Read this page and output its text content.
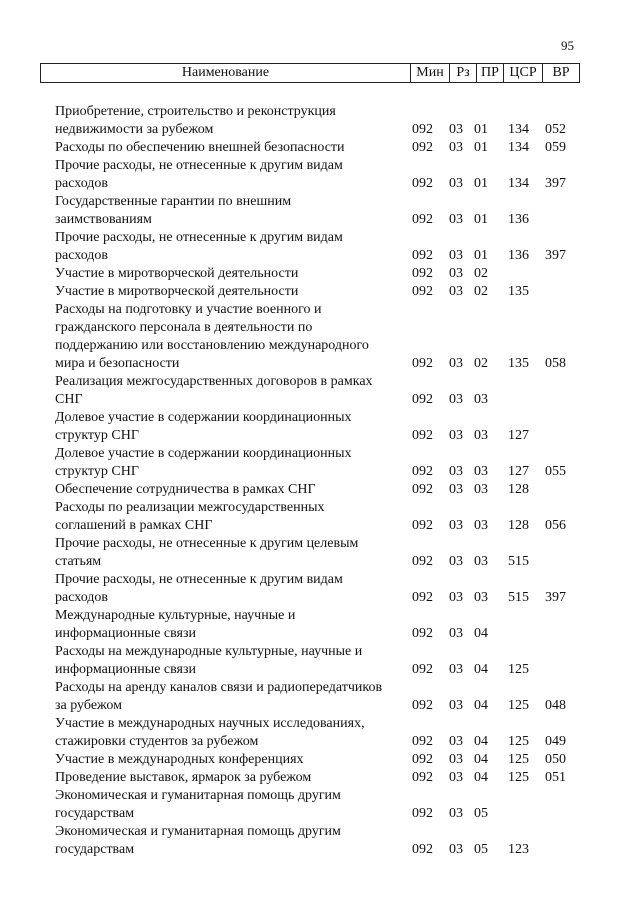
95
Наименование	Мин Рз ПР ЦСР	ВР
Приобретение, строительство и реконструкция
недвижимости за рубежом	092 03 01 134 052
Расходы по обеспечению внешней безопасности	092 03 01 134 059
Прочие расходы, не отнесенные к другим видам
расходов	092 03 01 134 397
Государственные гарантии по внешним
заимствованиям	092 03 01 136
Прочие расходы, не отнесенные к другим видам
расходов	092 03 01 136 397
Участие в миротворческой деятельности	092 03 02
Участие в миротворческой деятельности	092 03 02 135
Расходы на подготовку и участие военного и
гражданского персонала в деятельности по
поддержанию или восстановлению международного
мира и безопасности	092 03 02 135 058
Реализация межгосударственных договоров в рамках
СНГ	092 03 03
Долевое участие в содержании координационных
структур СНГ	092 03 03 127
Долевое участие в содержании координационных
структур СНГ	092 03 03 127 055
Обеспечение сотрудничества в рамках СНГ	092 03 03 128
Расходы по реализации межгосударственных
соглашений в рамках СНГ	092 03 03 128 056
Прочие расходы, не отнесенные к другим целевым
статьям	092 03 03 515
Прочие расходы, не отнесенные к другим видам
расходов	092 03 03 515 397
Международные культурные, научные и
информационные связи	092 03 04
Расходы на международные культурные, научные и
информационные связи	092 03 04 125
Расходы на аренду каналов связи и радиопередатчиков
за рубежом	092 03 04 125 048
Участие в международных научных исследованиях,
стажировки студентов за рубежом	092 03 04 125 049
Участие в международных конференциях	092 03 04 125 050
Проведение выставок, ярмарок за рубежом	092 03 04 125 051
Экономическая и гуманитарная помощь другим
государствам	092 03 05
Экономическая и гуманитарная помощь другим
государствам	092 03 05 123
